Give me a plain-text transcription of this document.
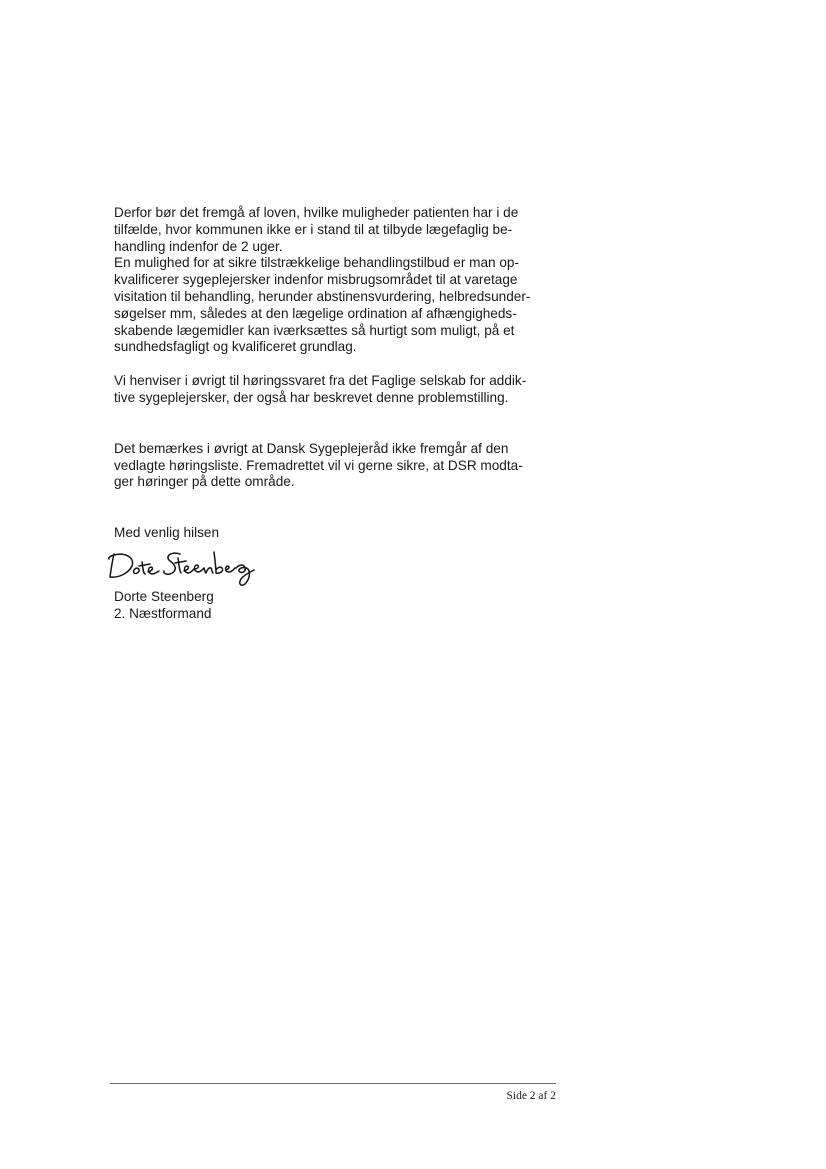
Derfor bør det fremgå af loven, hvilke muligheder patienten har i de
tilfælde, hvor kommunen ikke er i stand til at tilbyde lægefaglig be-
handling indenfor de 2 uger.
En mulighed for at sikre tilstrækkelige behandlingstilbud er man op-
kvalificerer sygeplejersker indenfor misbrugsområdet til at varetage
visitation til behandling, herunder abstinensvurdering, helbredsunder-
søgelser mm, således at den lægelige ordination af afhængigheds-
skabende lægemidler kan iværksættes så hurtigt som muligt, på et
sundhedsfagligt og kvalificeret grundlag.
Vi henviser i øvrigt til høringssvaret fra det Faglige selskab for addik-
tive sygeplejersker, der også har beskrevet denne problemstilling.
Det bemærkes i øvrigt at Dansk Sygeplejeråd ikke fremgår af den
vedlagte høringsliste. Fremadrettet vil vi gerne sikre, at DSR modta-
ger høringer på dette område.
Med venlig hilsen
Dorte Steenberg
2. Næstformand
Side 2 af 2
